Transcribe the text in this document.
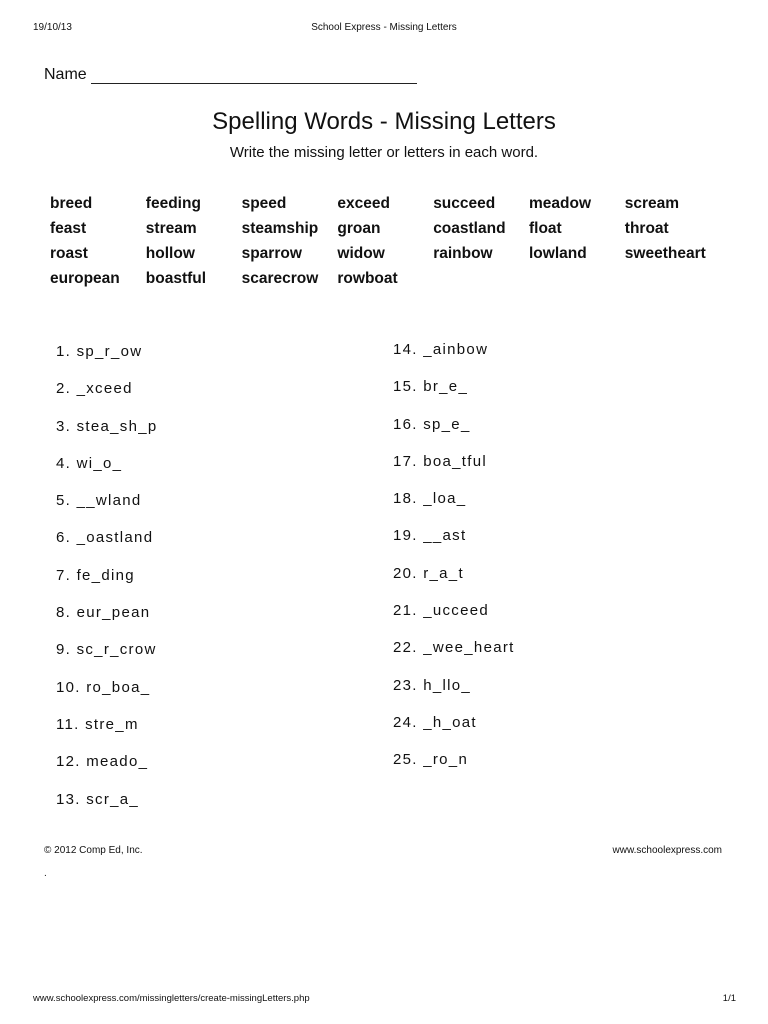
19/10/13	School Express - Missing Letters
Name
Spelling Words - Missing Letters
Write the missing letter or letters in each word.
breed	feeding	speed	exceed	succeed	meadow	scream
feast	stream	steamship	groan	coastland	float	throat
roast	hollow	sparrow	widow	rainbow	lowland	sweetheart
european	boastful	scarecrow	rowboat
1. sp_r_ow
2. _xceed
3. stea_sh_p
4. wi_o_
5. __wland
6. _oastland
7. fe_ding
8. eur_pean
9. sc_r_crow
10. ro_boa_
11. stre_m
12. meado_
13. scr_a_
14. _ainbow
15. br_e_
16. sp_e_
17. boa_tful
18. _loa_
19. __ast
20. r_a_t
21. _ucceed
22. _wee_heart
23. h_llo_
24. _h_oat
25. _ro_n
© 2012 Comp Ed, Inc.	www.schoolexpress.com
.
www.schoolexpress.com/missingletters/create-missingLetters.php	1/1
